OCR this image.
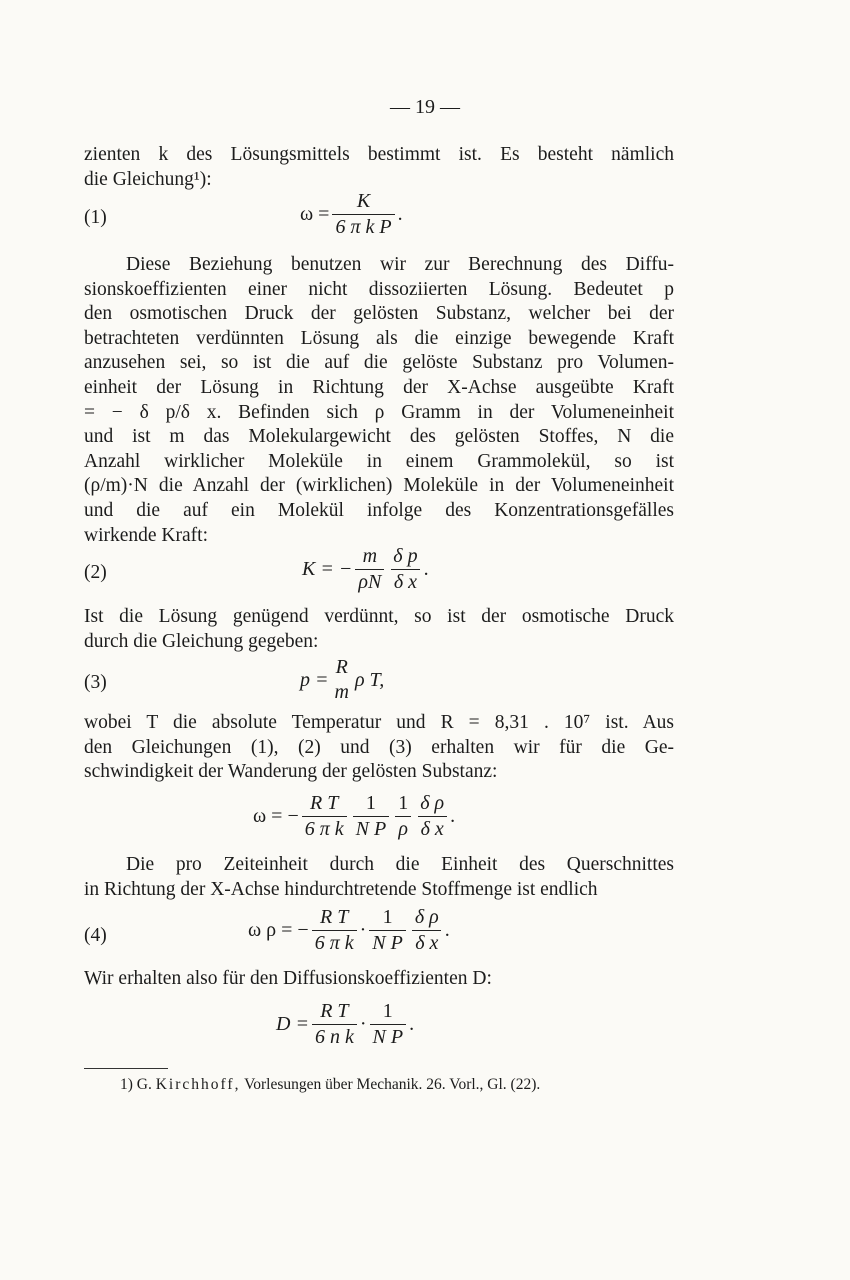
— 19 —
zienten k des Lösungsmittels bestimmt ist. Es besteht nämlich
die Gleichung¹):
(1)	$\omega = \frac{K}{\text{6 π k P}}$ .
Diese Beziehung benutzen wir zur Berechnung des Diffu-
sionskoeffizienten einer nicht dissoziierten Lösung. Bedeutet p
den osmotischen Druck der gelösten Substanz, welcher bei der
betrachteten verdünnten Lösung als die einzige bewegende Kraft
anzusehen sei, so ist die auf die gelöste Substanz pro Volumen-
einheit der Lösung in Richtung der X-Achse ausgeübte Kraft
= − δ p/δ x. Befinden sich ρ Gramm in der Volumeneinheit
und ist m das Molekulargewicht des gelösten Stoffes, N die
Anzahl wirklicher Moleküle in einem Grammolekül, so ist
(ρ/m)·N die Anzahl der (wirklichen) Moleküle in der Volumeneinheit
und die auf ein Molekül infolge des Konzentrationsgefälles
wirkende Kraft:
(2)	K = − $\frac{m}{\rho N} \frac{\text{δ p}}{\text{δ x}}$ .
Ist die Lösung genügend verdünnt, so ist der osmotische Druck
durch die Gleichung gegeben:
(3)	p =
R
m
ρ T,
wobei T die absolute Temperatur und R = 8,31 . 10⁷ ist. Aus
den Gleichungen (1), (2) und (3) erhalten wir für die Ge-
schwindigkeit der Wanderung der gelösten Substanz:
ω = − $\frac{\text{R T}}{\text{6 π k}} \frac{1}{\text{N P}} \frac{1}{\rho} \frac{\text{δ ρ}}{\text{δ x}}$ .
Die pro Zeiteinheit durch die Einheit des Querschnittes
in Richtung der X-Achse hindurchtretende Stoffmenge ist endlich
(4)	ω ρ = − $\frac{\text{R T}}{\text{6 π k}} \cdot \frac{1}{\text{N P}} \frac{\text{δ ρ}}{\text{δ x}}$ .
Wir erhalten also für den Diffusionskoeffizienten D:
$D = \frac{\text{R T}}{\text{6 n k}} \cdot \frac{1}{\text{N P}}$ .
1) G. Kirchhoff, Vorlesungen über Mechanik. 26. Vorl., Gl. (22).
